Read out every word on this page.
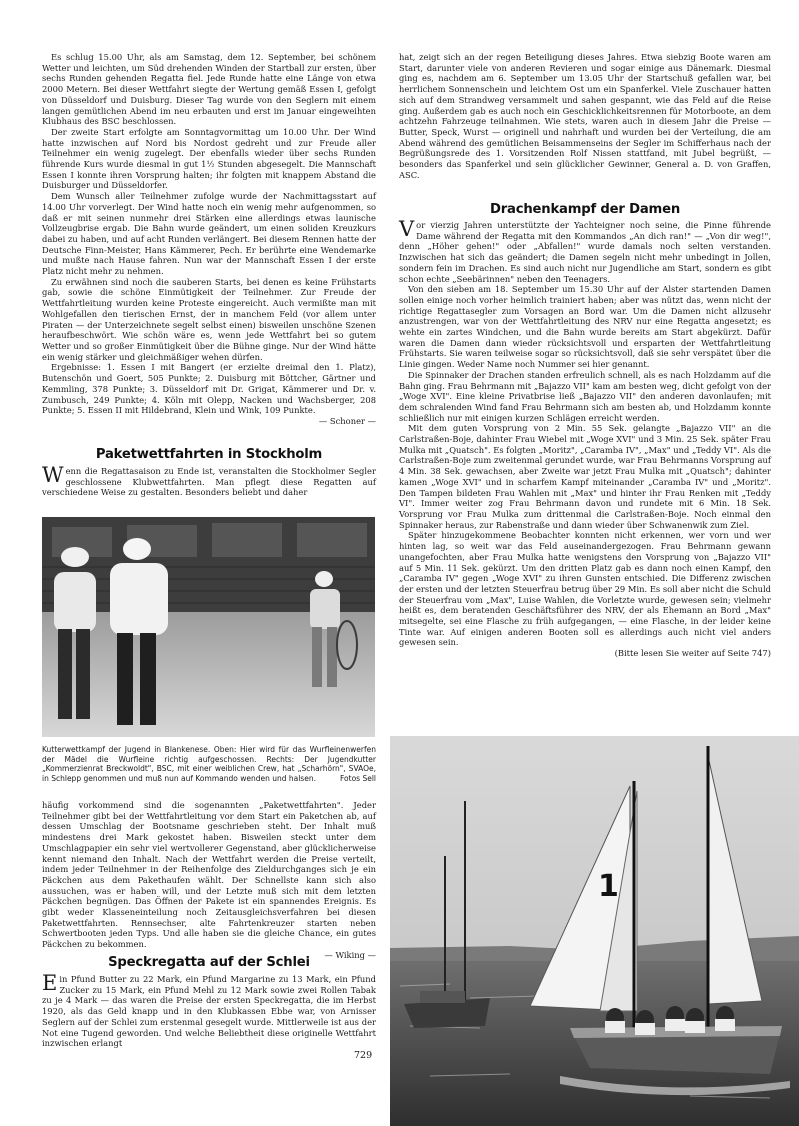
Es schlug 15.00 Uhr, als am Samstag, dem 12. September, bei schönem Wetter und leichten, um Süd drehenden Winden der Startball zur ersten, über sechs Runden gehenden Regatta fiel. Jede Runde hatte eine Länge von etwa 2000 Metern. Bei dieser Wettfahrt siegte der Wertung gemäß Essen I, gefolgt von Düsseldorf und Duisburg. Dieser Tag wurde von den Seglern mit einem langen gemütlichen Abend im neu erbauten und erst im Januar eingeweihten Klubhaus des BSC beschlossen.

Der zweite Start erfolgte am Sonntagvormittag um 10.00 Uhr. Der Wind hatte inzwischen auf Nord bis Nordost gedreht und zur Freude aller Teilnehmer ein wenig zugelegt. Der ebenfalls wieder über sechs Runden führende Kurs wurde diesmal in gut 1½ Stunden abgesegelt. Die Mannschaft Essen I konnte ihren Vorsprung halten; ihr folgten mit knappem Abstand die Duisburger und Düsseldorfer.

Dem Wunsch aller Teilnehmer zufolge wurde der Nachmittagsstart auf 14.00 Uhr vorverlegt. Der Wind hatte noch ein wenig mehr aufgenommen, so daß er mit seinen nunmehr drei Stärken eine allerdings etwas launische Vollzeugbrise ergab. Die Bahn wurde geändert, um einen soliden Kreuzkurs dabei zu haben, und auf acht Runden verlängert. Bei diesem Rennen hatte der Deutsche Finn-Meister, Hans Kämmerer, Pech. Er berührte eine Wendemarke und mußte nach Hause fahren. Nun war der Mannschaft Essen I der erste Platz nicht mehr zu nehmen.

Zu erwähnen sind noch die sauberen Starts, bei denen es keine Frühstarts gab, sowie die schöne Einmütigkeit der Teilnehmer. Zur Freude der Wettfahrtleitung wurden keine Proteste eingereicht. Auch vermißte man mit Wohlgefallen den tierischen Ernst, der in manchem Feld (vor allem unter Piraten — der Unterzeichnete segelt selbst einen) bisweilen unschöne Szenen heraufbeschwört. Wie schön wäre es, wenn jede Wettfahrt bei so gutem Wetter und so großer Einmütigkeit über die Bühne ginge. Nur der Wind hätte ein wenig stärker und gleichmäßiger wehen dürfen.

Ergebnisse: 1. Essen I mit Bangert (er erzielte dreimal den 1. Platz), Butenschön und Goert, 505 Punkte; 2. Duisburg mit Böttcher, Gärtner und Kemmling, 378 Punkte; 3. Düsseldorf mit Dr. Grigat, Kämmerer und Dr. v. Zumbusch, 249 Punkte; 4. Köln mit Olepp, Nacken und Wachsberger, 208 Punkte; 5. Essen II mit Hildebrand, Klein und Wink, 109 Punkte.

— Schoner —
Paketwettfahrten in Stockholm

Wenn die Regattasaison zu Ende ist, veranstalten die Stockholmer Segler geschlossene Klubwettfahrten. Man pflegt diese Regatten auf verschiedene Weise zu gestalten. Besonders beliebt und daher

Kutterwettkampf der Jugend in Blankenese. Oben: Hier wird für das Wurfleinenwerfen der Mädel die Wurfleine richtig aufgeschossen. Rechts: Der Jugendkutter „Kommerzienrat Breckwoldt", BSC, mit einer weiblichen Crew, hat „Scharhörn", SVAOe, in Schlepp genommen und muß nun auf Kommando wenden und halsen.	Fotos Sell

häufig vorkommend sind die sogenannten „Paketwettfahrten". Jeder Teilnehmer gibt bei der Wettfahrtleitung vor dem Start ein Paketchen ab, auf dessen Umschlag der Bootsname geschrieben steht. Der Inhalt muß mindestens drei Mark gekostet haben. Bisweilen steckt unter dem Umschlagpapier ein sehr viel wertvollerer Gegenstand, aber glücklicherweise kennt niemand den Inhalt. Nach der Wettfahrt werden die Preise verteilt, indem jeder Teilnehmer in der Reihenfolge des Zieldurchganges sich je ein Päckchen aus dem Pakethaufen wählt. Der Schnellste kann sich also aussuchen, was er haben will, und der Letzte muß sich mit dem letzten Päckchen begnügen. Das Öffnen der Pakete ist ein spannendes Ereignis. Es gibt weder Klasseneinteilung noch Zeitausgleichsverfahren bei diesen Paketwettfahrten. Rennsechser, alte Fahrtenkreuzer starten neben Schwertbooten jeden Typs. Und alle haben sie die gleiche Chance, ein gutes Päckchen zu bekommen.

— Wiking —
Speckregatta auf der Schlei

Ein Pfund Butter zu 22 Mark, ein Pfund Margarine zu 13 Mark, ein Pfund Zucker zu 15 Mark, ein Pfund Mehl zu 12 Mark sowie zwei Rollen Tabak zu je 4 Mark — das waren die Preise der ersten Speckregatta, die im Herbst 1920, als das Geld knapp und in den Klubkassen Ebbe war, von Arnisser Seglern auf der Schlei zum erstenmal gesegelt wurde. Mittlerweile ist aus der Not eine Tugend geworden. Und welche Beliebtheit diese originelle Wettfahrt inzwischen erlangt

729

hat, zeigt sich an der regen Beteiligung dieses Jahres. Etwa siebzig Boote waren am Start, darunter viele von anderen Revieren und sogar einige aus Dänemark. Diesmal ging es, nachdem am 6. September um 13.05 Uhr der Startschuß gefallen war, bei herrlichem Sonnenschein und leichtem Ost um ein Spanferkel. Viele Zuschauer hatten sich auf dem Strandweg versammelt und sahen gespannt, wie das Feld auf die Reise ging. Außerdem gab es auch noch ein Geschicklichkeitsrennen für Motorboote, an dem achtzehn Fahrzeuge teilnahmen. Wie stets, waren auch in diesem Jahr die Preise — Butter, Speck, Wurst — originell und nahrhaft und wurden bei der Verteilung, die am Abend während des gemütlichen Beisammenseins der Segler im Schifferhaus nach der Begrüßungsrede des 1. Vorsitzenden Rolf Nissen stattfand, mit Jubel begrüßt, — besonders das Spanferkel und sein glücklicher Gewinner, General a. D. von Graffen, ASC.

Drachenkampf der Damen

Vor vierzig Jahren unterstützte der Yachteigner noch seine, die Pinne führende Dame während der Regatta mit den Kommandos „An dich ran!" — „Von dir weg!", denn „Höher gehen!" oder „Abfallen!" wurde damals noch selten verstanden. Inzwischen hat sich das geändert; die Damen segeln nicht mehr unbedingt in Jollen, sondern fein im Drachen. Es sind auch nicht nur Jugendliche am Start, sondern es gibt schon echte „Seebärinnen" neben den Teenagers.

Von den sieben am 18. September um 15.30 Uhr auf der Alster startenden Damen sollen einige noch vorher heimlich trainiert haben; aber was nützt das, wenn nicht der richtige Regattasegler zum Vorsagen an Bord war. Um die Damen nicht allzusehr anzustrengen, war von der Wettfahrtleitung des NRV nur eine Regatta angesetzt; es wehte ein zartes Windchen, und die Bahn wurde bereits am Start abgekürzt. Dafür waren die Damen dann wieder rücksichtsvoll und ersparten der Wettfahrtleitung Frühstarts. Sie waren teilweise sogar so rücksichtsvoll, daß sie sehr verspätet über die Linie gingen. Weder Name noch Nummer sei hier genannt.

Die Spinnaker der Drachen standen erfreulich schnell, als es nach Holzdamm auf die Bahn ging. Frau Behrmann mit „Bajazzo VII" kam am besten weg, dicht gefolgt von der „Woge XVI". Eine kleine Privatbrise ließ „Bajazzo VII" den anderen davonlaufen; mit dem schralenden Wind fand Frau Behrmann sich am besten ab, und Holzdamm konnte schließlich nur mit einigen kurzen Schlägen erreicht werden.

Mit dem guten Vorsprung von 2 Min. 55 Sek. gelangte „Bajazzo VII" an die Carlstraßen-Boje, dahinter Frau Wiebel mit „Woge XVI" und 3 Min. 25 Sek. später Frau Mulka mit „Quatsch". Es folgten „Moritz", „Caramba IV", „Max" und „Teddy VI". Als die Carlstraßen-Boje zum zweitenmal gerundet wurde, war Frau Behrmanns Vorsprung auf 4 Min. 38 Sek. gewachsen, aber Zweite war jetzt Frau Mulka mit „Quatsch"; dahinter kamen „Woge XVI" und in scharfem Kampf miteinander „Caramba IV" und „Moritz". Den Tampen bildeten Frau Wahlen mit „Max" und hinter ihr Frau Renken mit „Teddy VI". Immer weiter zog Frau Behrmann davon und rundete mit 6 Min. 18 Sek. Vorsprung vor Frau Mulka zum drittenmal die Carlstraßen-Boje. Noch einmal den Spinnaker heraus, zur Rabenstraße und dann wieder über Schwanenwik zum Ziel.

Später hinzugekommene Beobachter konnten nicht erkennen, wer vorn und wer hinten lag, so weit war das Feld auseinandergezogen. Frau Behrmann gewann unangefochten, aber Frau Mulka hatte wenigstens den Vorsprung von „Bajazzo VII" auf 5 Min. 11 Sek. gekürzt. Um den dritten Platz gab es dann noch einen Kampf, den „Caramba IV" gegen „Woge XVI" zu ihren Gunsten entschied. Die Differenz zwischen der ersten und der letzten Steuerfrau betrug über 29 Min. Es soll aber nicht die Schuld der Steuerfrau vom „Max", Luise Wahlen, die Vorletzte wurde, gewesen sein; vielmehr heißt es, dem beratenden Geschäftsführer des NRV, der als Ehemann an Bord „Max" mitsegelte, sei eine Flasche zu früh aufgegangen, — eine Flasche, in der leider keine Tinte war. Auf einigen anderen Booten soll es allerdings auch nicht viel anders gewesen sein.

(Bitte lesen Sie weiter auf Seite 747)
1
